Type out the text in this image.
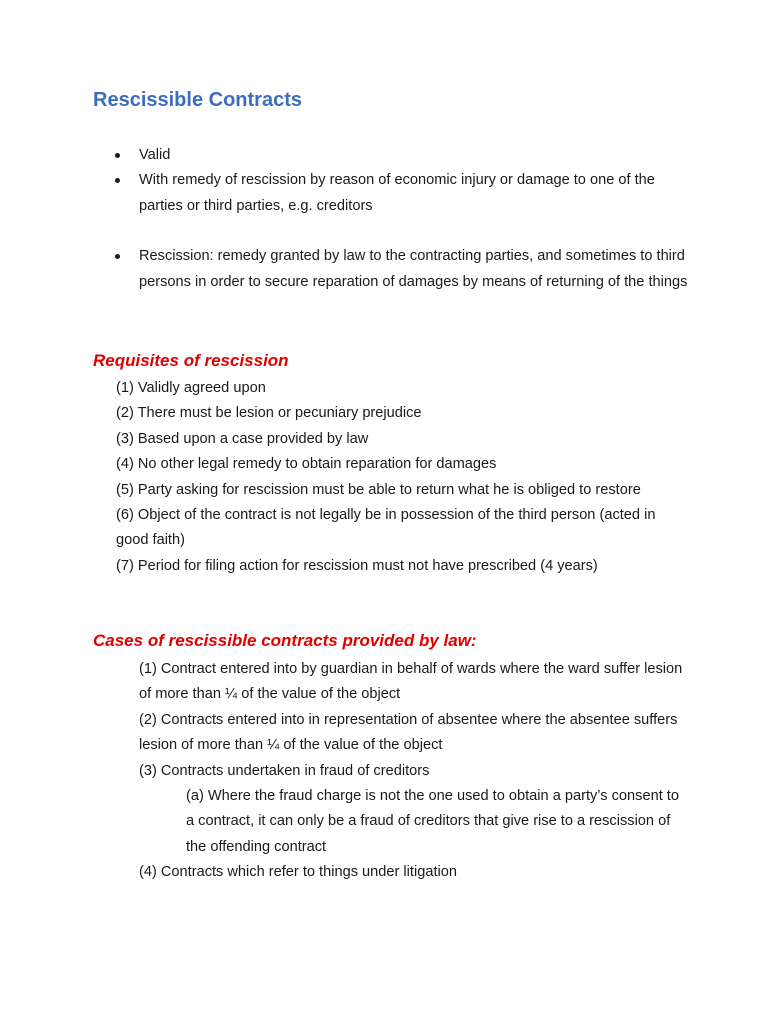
Rescissible Contracts
Valid
With remedy of rescission by reason of economic injury or damage to one of the parties or third parties, e.g. creditors
Rescission: remedy granted by law to the contracting parties, and sometimes to third persons in order to secure reparation of damages by means of returning of the things
Requisites of rescission
(1) Validly agreed upon
(2) There must be lesion or pecuniary prejudice
(3) Based upon a case provided by law
(4) No other legal remedy to obtain reparation for damages
(5) Party asking for rescission must be able to return what he is obliged to restore
(6) Object of the contract is not legally be in possession of the third person (acted in good faith)
(7) Period for filing action for rescission must not have prescribed (4 years)
Cases of rescissible contracts provided by law:
(1) Contract entered into by guardian in behalf of wards where the ward suffer lesion of more than ¼ of the value of the object
(2) Contracts entered into in representation of absentee where the absentee suffers lesion of more than ¼ of the value of the object
(3) Contracts undertaken in fraud of creditors
(a) Where the fraud charge is not the one used to obtain a party’s consent to a contract, it can only be a fraud of creditors that give rise to a rescission of the offending contract
(4) Contracts which refer to things under litigation
